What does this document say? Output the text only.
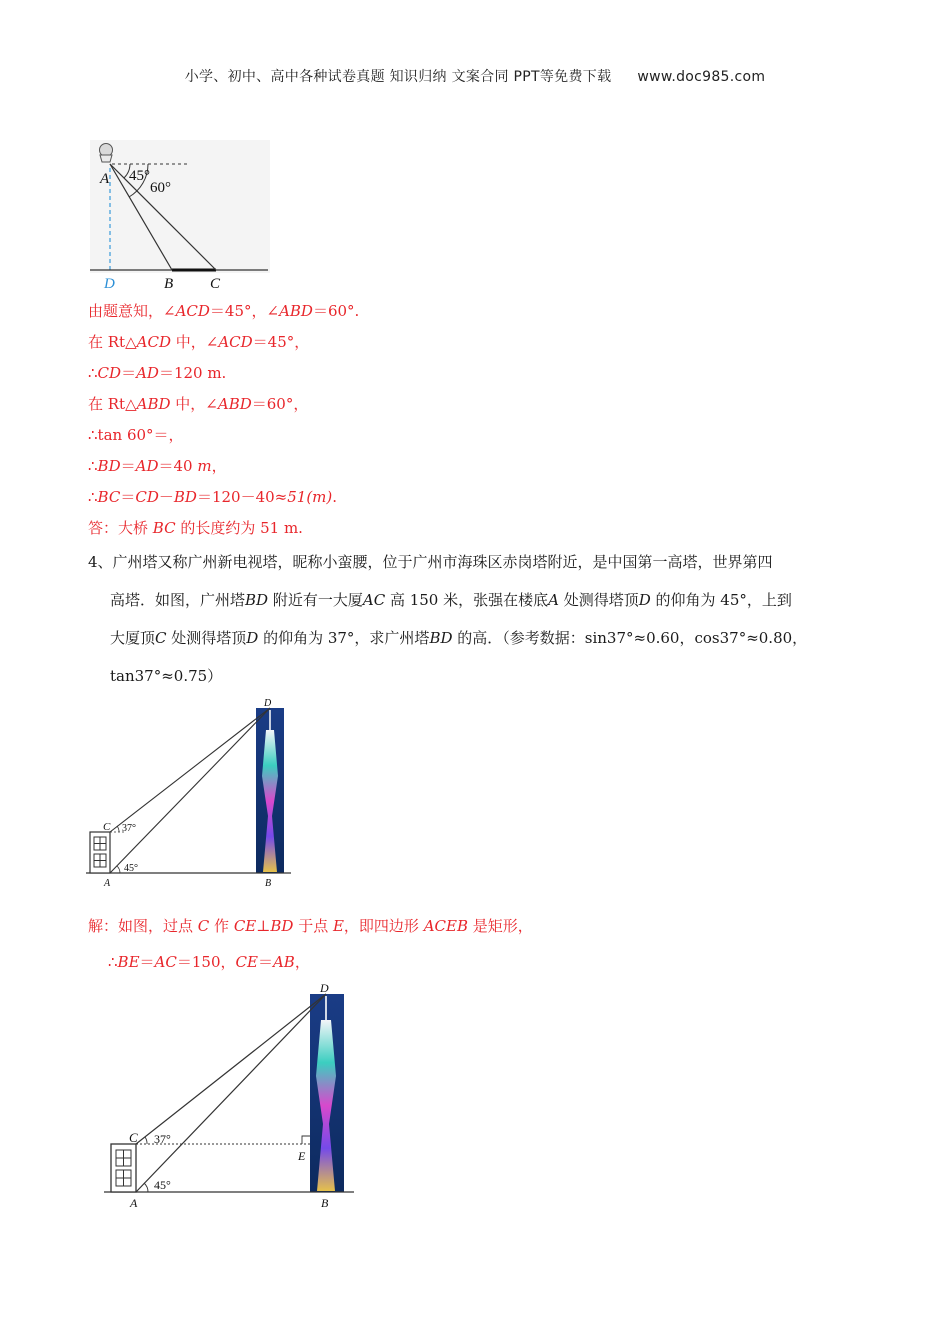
小学、初中、高中各种试卷真题 知识归纳 文案合同 PPT等免费下载 www.doc985.com
A 45°
60°
D	B C
由题意知，∠ACD＝45°，∠ABD＝60°.
在 Rt△ACD 中，∠ACD＝45°，
∴CD＝AD＝120 m.
在 Rt△ABD 中，∠ABD＝60°，
∴tan 60°＝，
∴BD＝AD＝40 m，
∴BC＝CD－BD＝120－40≈51(m).
答：大桥 BC 的长度约为 51 m.

4、广州塔又称广州新电视塔，昵称小蛮腰，位于广州市海珠区赤岗塔附近，是中国第一高塔，世界第四

高塔．如图，广州塔BD 附近有一大厦AC 高 150 米，张强在楼底A 处测得塔顶D 的仰角为 45°，上到

大厦顶C 处测得塔顶D 的仰角为 37°，求广州塔BD 的高．（参考数据：sin37°≈0.60，cos37°≈0.80，

tan37°≈0.75）

D
C 37°
45°
A	B
解：如图，过点 C 作 CE⊥BD 于点 E，即四边形 ACEB 是矩形，
∴BE＝AC＝150，CE＝AB，
D
C 37°
45°
E
A	B
